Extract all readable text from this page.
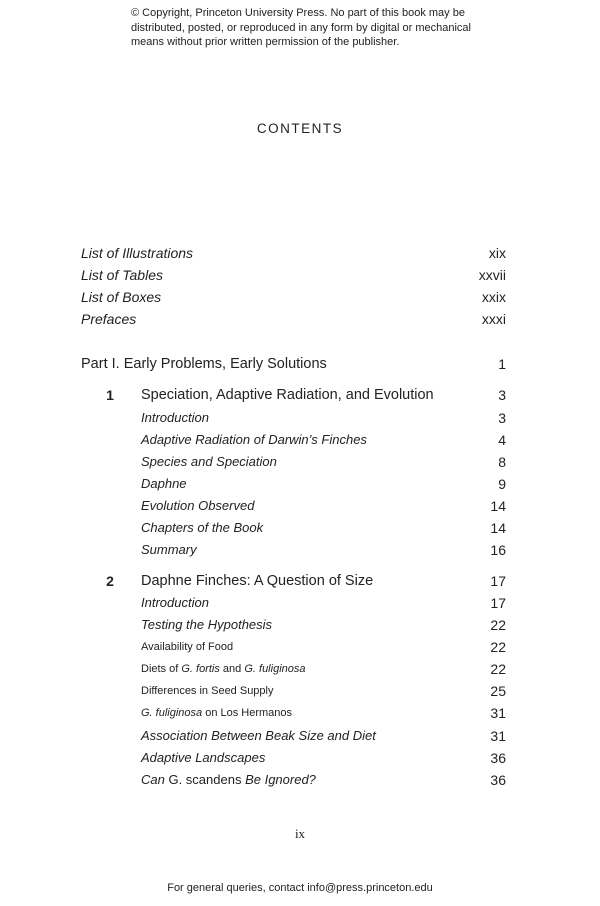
© Copyright, Princeton University Press. No part of this book may be
distributed, posted, or reproduced in any form by digital or mechanical
means without prior written permission of the publisher.
CONTENTS
List of Illustrations	xix
List of Tables	xxvii
List of Boxes	xxix
Prefaces	xxxi
Part I. Early Problems, Early Solutions	1
1 Speciation, Adaptive Radiation, and Evolution	3
Introduction	3
Adaptive Radiation of Darwin’s Finches	4
Species and Speciation	8
Daphne	9
Evolution Observed	14
Chapters of the Book	14
Summary	16
2 Daphne Finches: A Question of Size	17
Introduction	17
Testing the Hypothesis	22
Availability of Food	22
Diets of G. fortis and G. fuliginosa	22
Differences in Seed Supply	25
G. fuliginosa on Los Hermanos	31
Association Between Beak Size and Diet	31
Adaptive Landscapes	36
Can G. scandens Be Ignored?	36
ix
For general queries, contact info@press.princeton.edu
